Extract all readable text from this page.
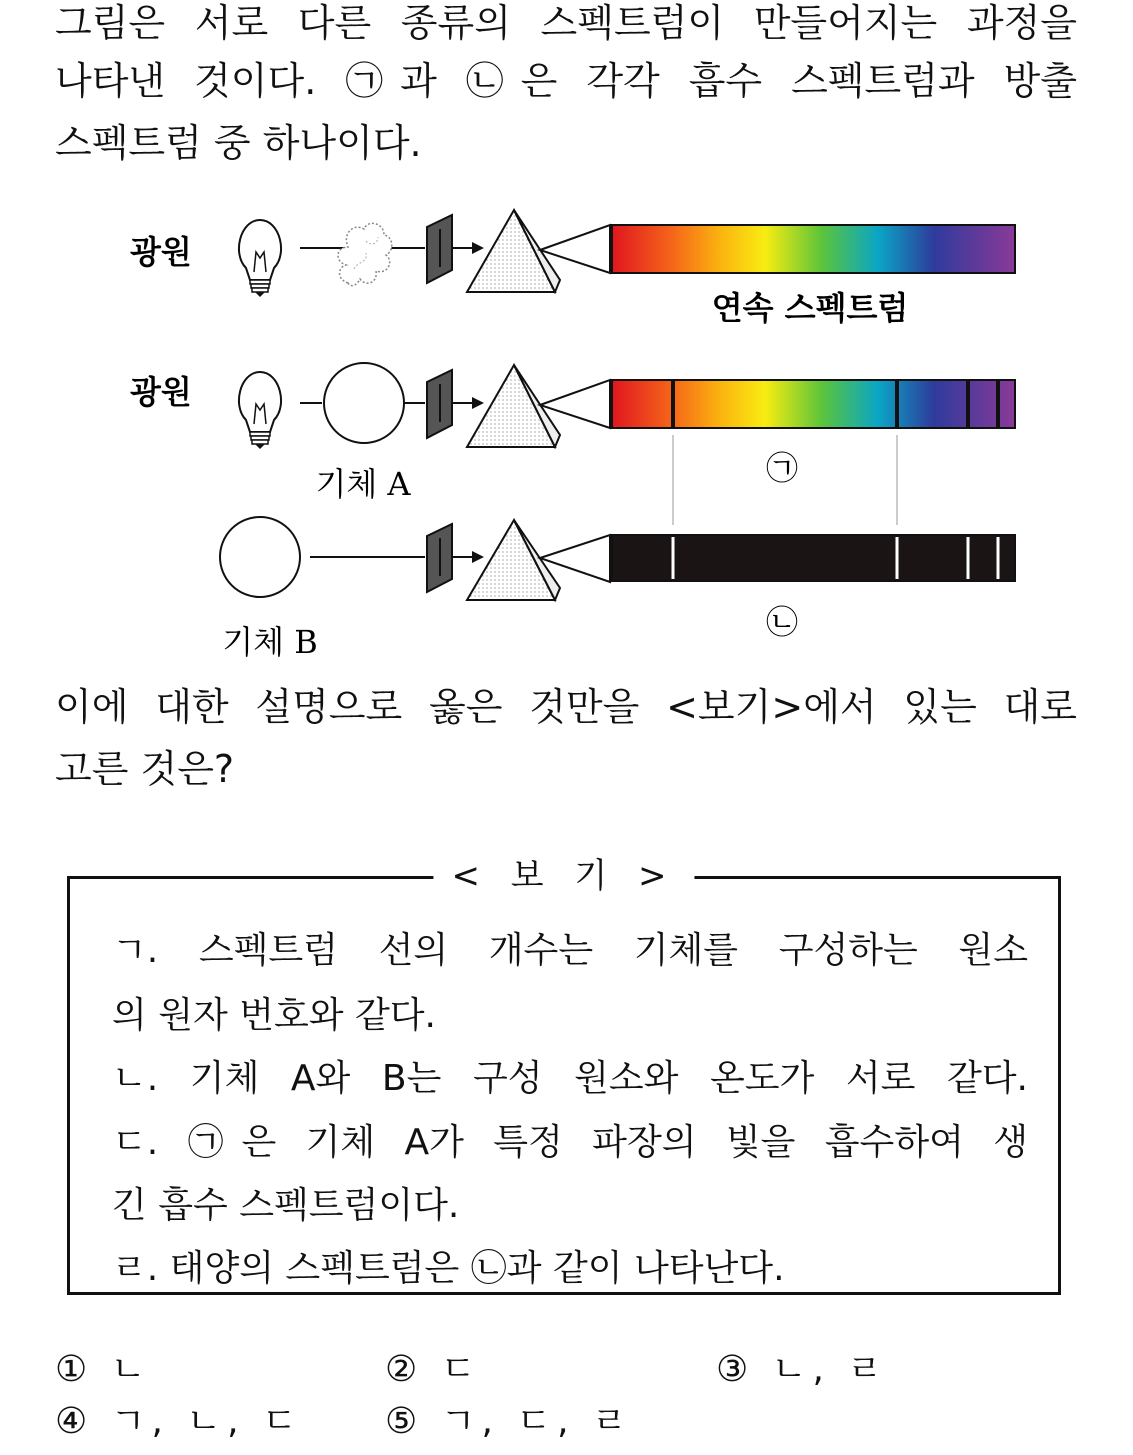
그림은 서로 다른 종류의 스펙트럼이 만들어지는 과정을
나타낸 것이다. ㉠과 ㉡은 각각 흡수 스펙트럼과 방출
스펙트럼 중 하나이다.
광원
연속 스펙트럼
광원
기체 A	㉠
기체 B
㉡
이에 대한 설명으로 옳은 것만을 <보기>에서 있는 대로
고른 것은?
< 보 기 >
ㄱ. 스펙트럼 선의 개수는 기체를 구성하는 원소
의 원자 번호와 같다.
ㄴ. 기체 A와 B는 구성 원소와 온도가 서로 같다.
ㄷ. ㉠은 기체 A가 특정 파장의 빛을 흡수하여 생
긴 흡수 스펙트럼이다.
ㄹ. 태양의 스펙트럼은 ㉡과 같이 나타난다.
① ㄴ	② ㄷ	③ ㄴ, ㄹ
④ ㄱ, ㄴ, ㄷ ⑤ ㄱ, ㄷ, ㄹ
